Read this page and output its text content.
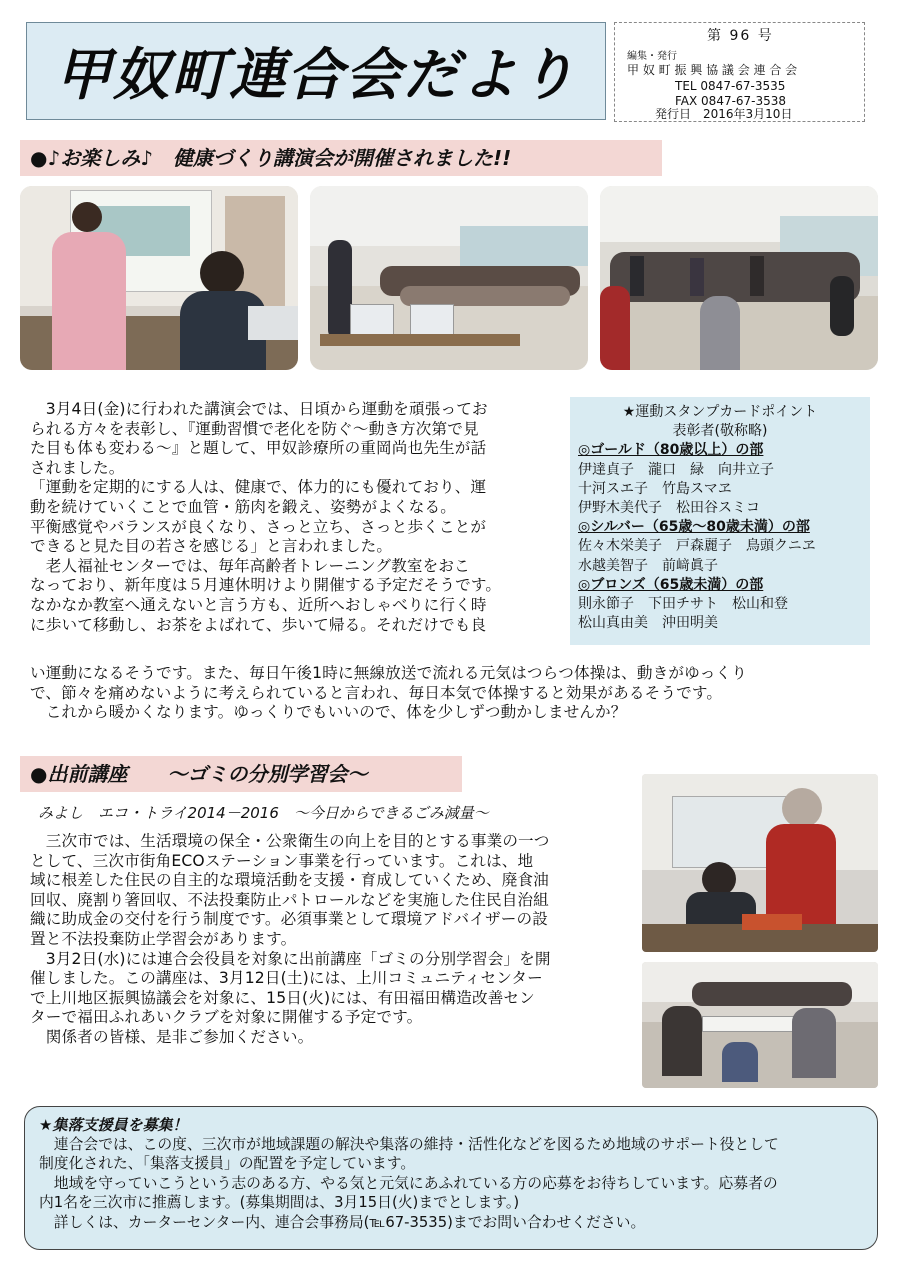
甲奴町連合会だより
第 96 号
編集・発行
甲 奴 町 振 興 協 議 会 連 合 会
TEL 0847-67-3535
FAX 0847-67-3538
発行日　2016年3月10日
●♪お楽しみ♪　健康づくり講演会が開催されました!!
　3月4日(金)に行われた講演会では、日頃から運動を頑張ってお
られる方々を表彰し、『運動習慣で老化を防ぐ～動き方次第で見
た目も体も変わる～』と題して、甲奴診療所の重岡尚也先生が話
されました。
「運動を定期的にする人は、健康で、体力的にも優れており、運
動を続けていくことで血管・筋肉を鍛え、姿勢がよくなる。
平衡感覚やバランスが良くなり、さっと立ち、さっと歩くことが
できると見た目の若さを感じる」と言われました。
　老人福祉センターでは、毎年高齢者トレーニング教室をおこ
なっており、新年度は５月連休明けより開催する予定だそうです。
なかなか教室へ通えないと言う方も、近所へおしゃべりに行く時
に歩いて移動し、お茶をよばれて、歩いて帰る。それだけでも良
い運動になるそうです。また、毎日午後1時に無線放送で流れる元気はつらつ体操は、動きがゆっくり
で、節々を痛めないように考えられていると言われ、毎日本気で体操すると効果があるそうです。
　これから暖かくなります。ゆっくりでもいいので、体を少しずつ動かしませんか？
★運動スタンプカードポイント
表彰者(敬称略)
◎ゴールド（80歳以上）の部
伊達貞子　瀧口　緑　向井立子
十河スエ子　竹島スマヱ
伊野木美代子　松田谷スミコ
◎シルバー（65歳～80歳未満）の部
佐々木栄美子　戸森麗子　鳥頭クニヱ
水越美智子　前﨑眞子
◎ブロンズ（65歳未満）の部
則永節子　下田チサト　松山和登
松山真由美　沖田明美
●出前講座　　～ゴミの分別学習会～
みよし　エコ・トライ2014－2016　～今日からできるごみ減量～
　三次市では、生活環境の保全・公衆衛生の向上を目的とする事業の一つ
として、三次市街角ECOステーション事業を行っています。これは、地
域に根差した住民の自主的な環境活動を支援・育成していくため、廃食油
回収、廃割り箸回収、不法投棄防止パトロールなどを実施した住民自治組
織に助成金の交付を行う制度です。必須事業として環境アドバイザーの設
置と不法投棄防止学習会があります。
　3月2日(水)には連合会役員を対象に出前講座「ゴミの分別学習会」を開
催しました。この講座は、3月12日(土)には、上川コミュニティセンター
で上川地区振興協議会を対象に、15日(火)には、有田福田構造改善セン
ターで福田ふれあいクラブを対象に開催する予定です。
　関係者の皆様、是非ご参加ください。
★集落支援員を募集！
　連合会では、この度、三次市が地域課題の解決や集落の維持・活性化などを図るため地域のサポート役として
制度化された、「集落支援員」の配置を予定しています。
　地域を守っていこうという志のある方、やる気と元気にあふれている方の応募をお待ちしています。応募者の
内1名を三次市に推薦します。(募集期間は、3月15日(火)までとします。)
　詳しくは、カーターセンター内、連合会事務局(℡67-3535)までお問い合わせください。
